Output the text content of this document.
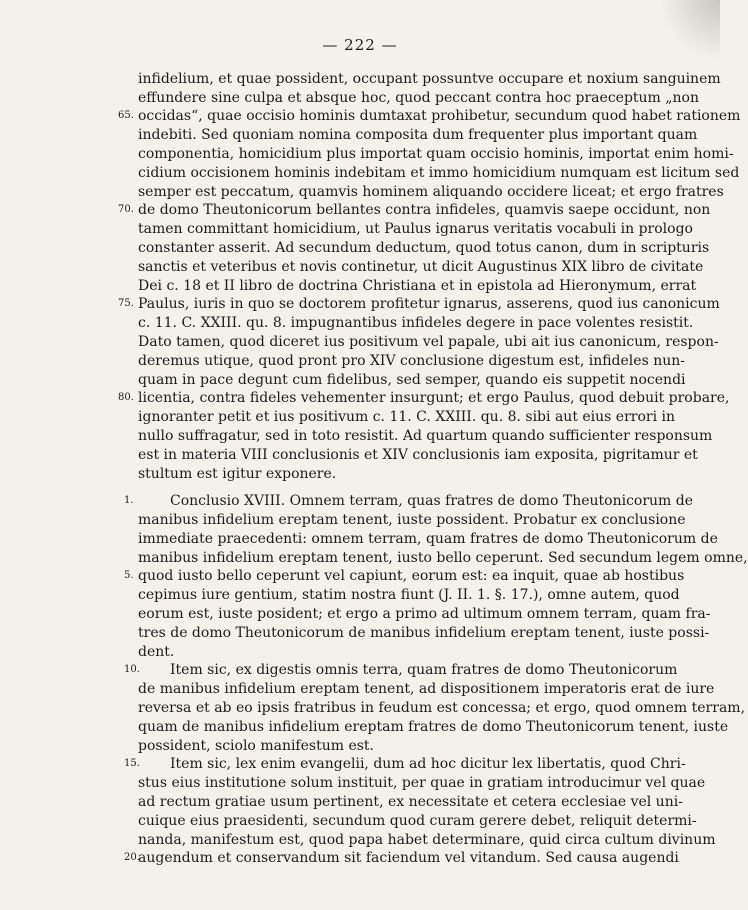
— 222 —
infidelium, et quae possident, occupant possuntve occupare et noxium sanguinem
effundere sine culpa et absque hoc, quod peccant contra hoc praeceptum „non
occidas“, quae occisio hominis dumtaxat prohibetur, secundum quod habet rationem
indebiti. Sed quoniam nomina composita dum frequenter plus important quam
componentia, homicidium plus importat quam occisio hominis, importat enim homi-
cidium occisionem hominis indebitam et immo homicidium numquam est licitum sed
semper est peccatum, quamvis hominem aliquando occidere liceat; et ergo fratres
de domo Theutonicorum bellantes contra infideles, quamvis saepe occidunt, non
tamen committant homicidium, ut Paulus ignarus veritatis vocabuli in prologo
constanter asserit. Ad secundum deductum, quod totus canon, dum in scripturis
sanctis et veteribus et novis continetur, ut dicit Augustinus XIX libro de civitate
Dei c. 18 et II libro de doctrina Christiana et in epistola ad Hieronymum, errat
Paulus, iuris in quo se doctorem profitetur ignarus, asserens, quod ius canonicum
c. 11. C. XXIII. qu. 8. impugnantibus infideles degere in pace volentes resistit.
Dato tamen, quod diceret ius positivum vel papale, ubi ait ius canonicum, respon-
deremus utique, quod pront pro XIV conclusione digestum est, infideles nun-
quam in pace degunt cum fidelibus, sed semper, quando eis suppetit nocendi
licentia, contra fideles vehementer insurgunt; et ergo Paulus, quod debuit probare,
ignoranter petit et ius positivum c. 11. C. XXIII. qu. 8. sibi aut eius errori in
nullo suffragatur, sed in toto resistit. Ad quartum quando sufficienter responsum
est in materia VIII conclusionis et XIV conclusionis iam exposita, pigritamur et
stultum est igitur exponere.
65.
70.
75.
80.
Conclusio XVIII. Omnem terram, quas fratres de domo Theutonicorum de
manibus infidelium ereptam tenent, iuste possident. Probatur ex conclusione
immediate praecedenti: omnem terram, quam fratres de domo Theutonicorum de
manibus infidelium ereptam tenent, iusto bello ceperunt. Sed secundum legem omne,
quod iusto bello ceperunt vel capiunt, eorum est: ea inquit, quae ab hostibus
cepimus iure gentium, statim nostra fiunt (J. II. 1. §. 17.), omne autem, quod
eorum est, iuste posident; et ergo a primo ad ultimum omnem terram, quam fra-
tres de domo Theutonicorum de manibus infidelium ereptam tenent, iuste possi-
dent.
Item sic, ex digestis omnis terra, quam fratres de domo Theutonicorum
de manibus infidelium ereptam tenent, ad dispositionem imperatoris erat de iure
reversa et ab eo ipsis fratribus in feudum est concessa; et ergo, quod omnem terram,
quam de manibus infidelium ereptam fratres de domo Theutonicorum tenent, iuste
possident, sciolo manifestum est.
Item sic, lex enim evangelii, dum ad hoc dicitur lex libertatis, quod Chri-
stus eius institutione solum instituit, per quae in gratiam introducimur vel quae
ad rectum gratiae usum pertinent, ex necessitate et cetera ecclesiae vel uni-
cuique eius praesidenti, secundum quod curam gerere debet, reliquit determi-
nanda, manifestum est, quod papa habet determinare, quid circa cultum divinum
augendum et conservandum sit faciendum vel vitandum. Sed causa augendi
1.
5.
10.
15.
20.
